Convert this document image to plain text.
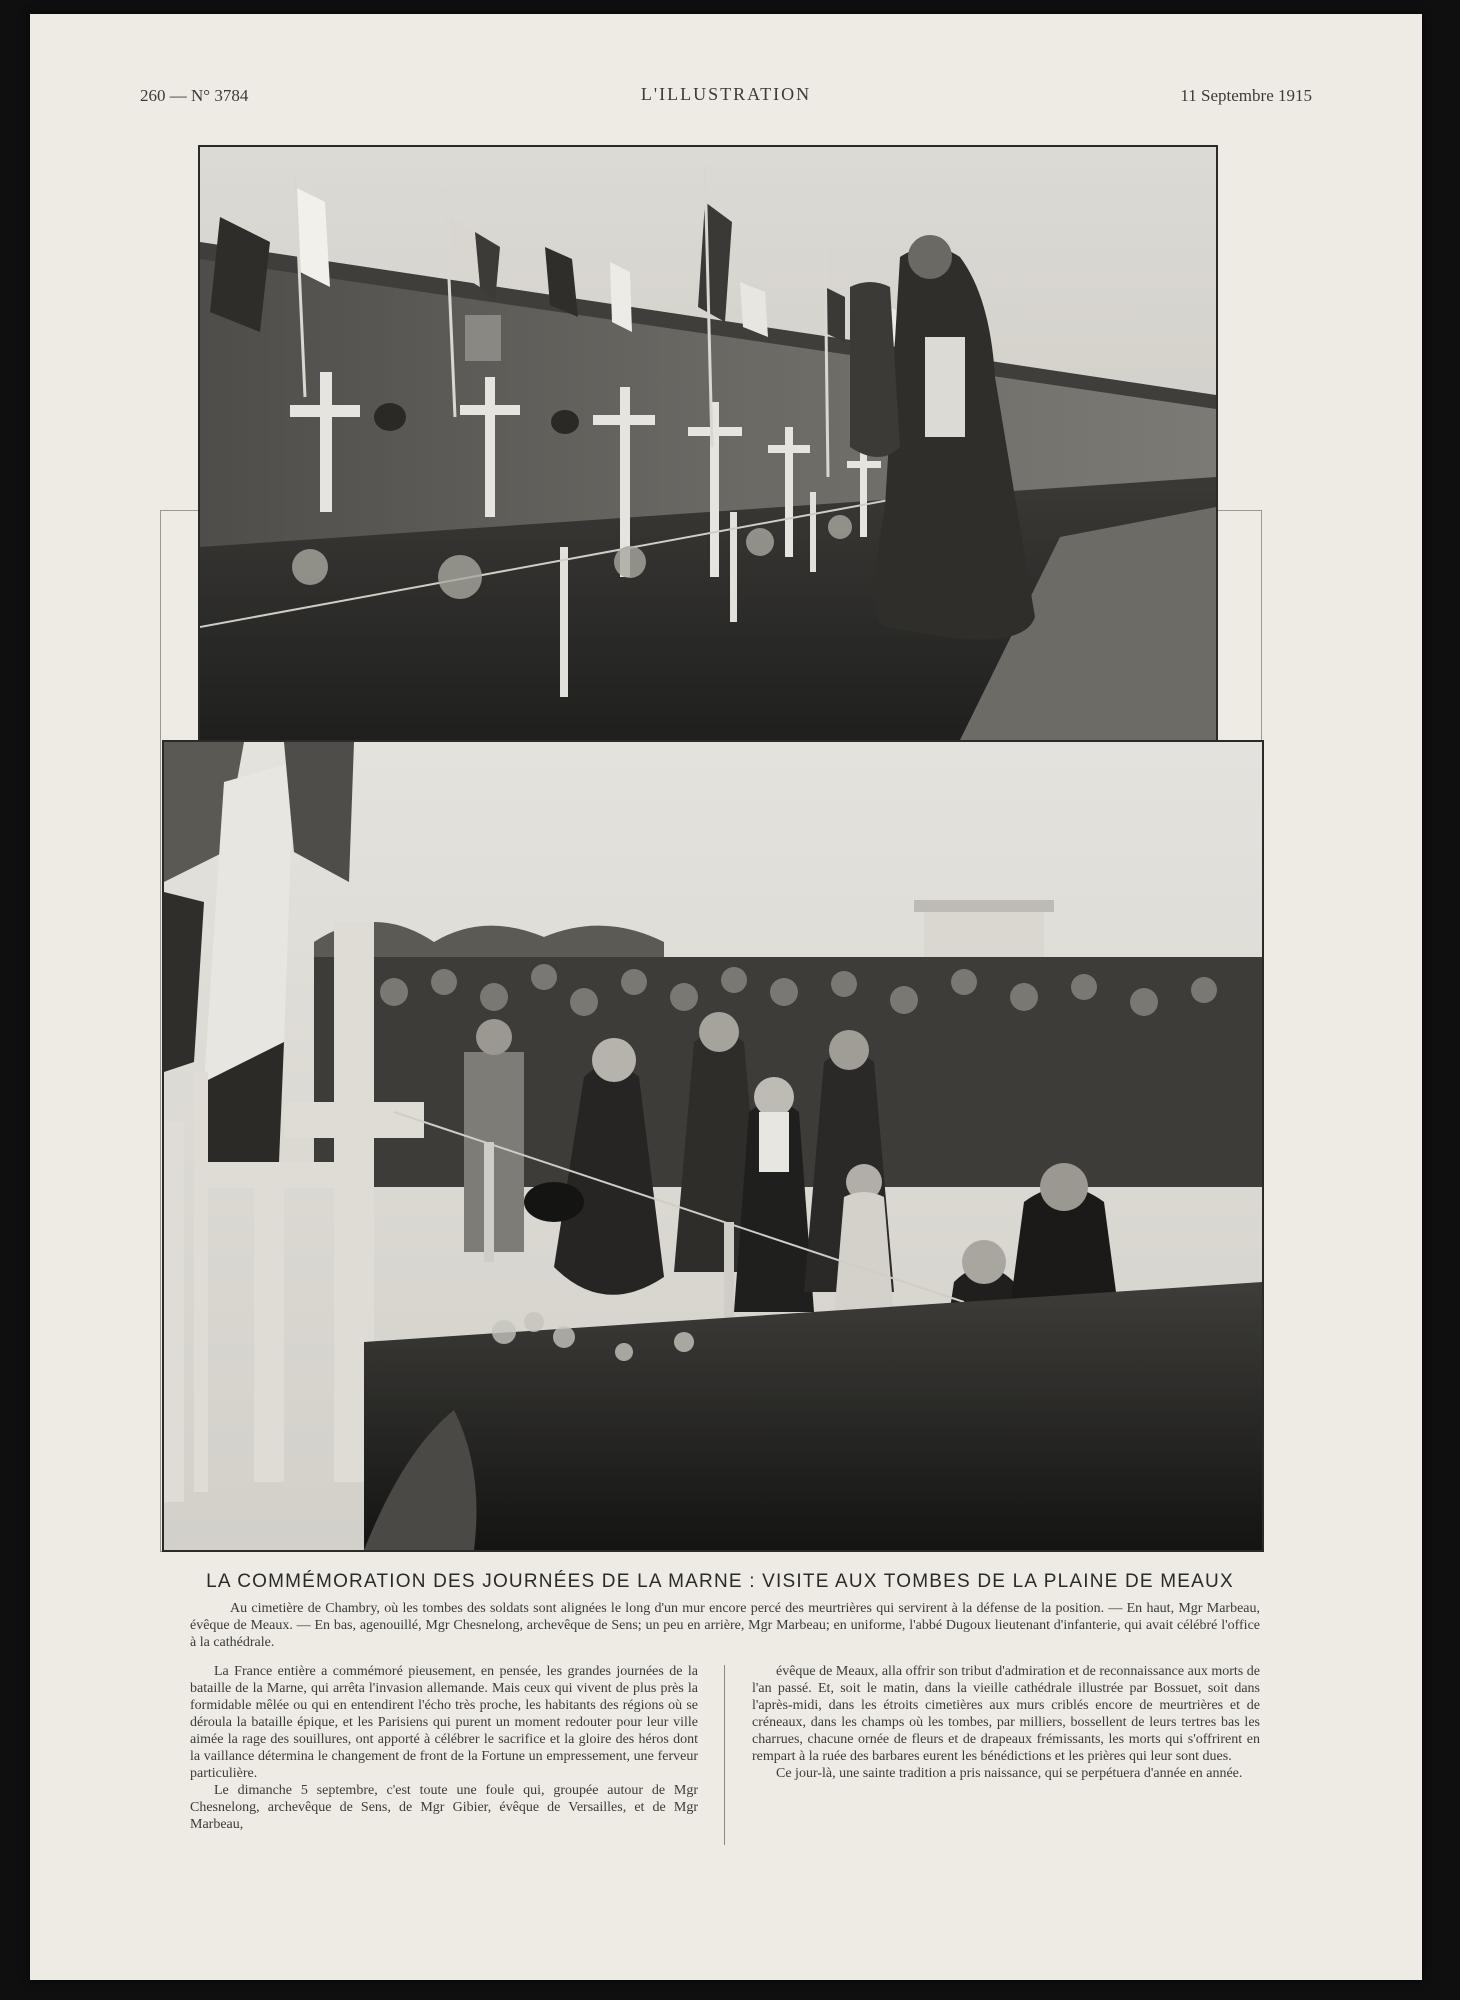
260 — N° 3784	L'ILLUSTRATION	11 Septembre 1915
LA COMMÉMORATION DES JOURNÉES DE LA MARNE : VISITE AUX TOMBES DE LA PLAINE DE MEAUX
Au cimetière de Chambry, où les tombes des soldats sont alignées le long d'un mur encore percé des meurtrières qui servirent à la défense de la position. — En haut, Mgr Marbeau, évêque de Meaux. — En bas, agenouillé, Mgr Chesnelong, archevêque de Sens; un peu en arrière, Mgr Marbeau; en uniforme, l'abbé Dugoux lieutenant d'infanterie, qui avait célébré l'office à la cathédrale.

La France entière a commémoré pieusement, en pensée, les grandes journées de la bataille de la Marne, qui arrêta l'invasion allemande. Mais ceux qui vivent de plus près la formidable mêlée ou qui en entendirent l'écho très proche, les habitants des régions où se déroula la bataille épique, et les Parisiens qui purent un moment redouter pour leur ville aimée la rage des souillures, ont apporté à célébrer le sacrifice et la gloire des héros dont la vaillance détermina le changement de front de la Fortune un empressement, une ferveur particulière.

Le dimanche 5 septembre, c'est toute une foule qui, groupée autour de Mgr Chesnelong, archevêque de Sens, de Mgr Gibier, évêque de Versailles, et de Mgr Marbeau,

évêque de Meaux, alla offrir son tribut d'admiration et de reconnaissance aux morts de l'an passé. Et, soit le matin, dans la vieille cathédrale illustrée par Bossuet, soit dans l'après-midi, dans les étroits cimetières aux murs criblés encore de meurtrières et de créneaux, dans les champs où les tombes, par milliers, bossellent de leurs tertres bas les charrues, chacune ornée de fleurs et de drapeaux frémissants, les morts qui s'offrirent en rempart à la ruée des barbares eurent les bénédictions et les prières qui leur sont dues.

Ce jour-là, une sainte tradition a pris naissance, qui se perpétuera d'année en année.
